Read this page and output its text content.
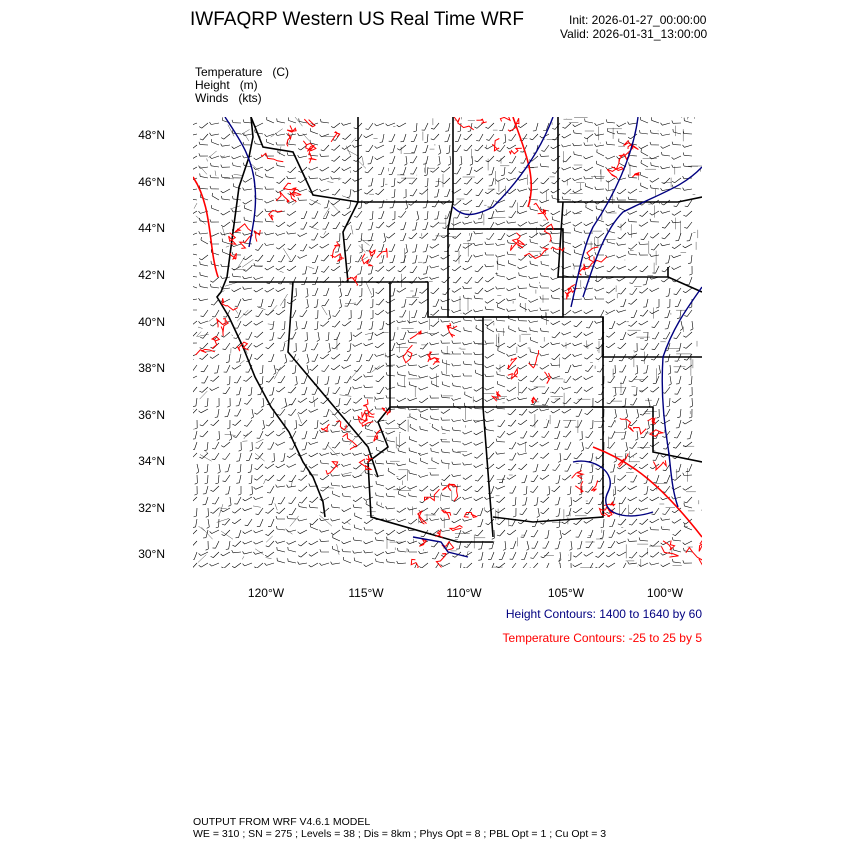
IWFAQRP Western US Real Time WRF	Init: 2026-01-27_00:00:00
Valid: 2026-01-31_13:00:00
Temperature   (C)
Height   (m)
Winds   (kts)
48°N
46°N
44°N
42°N
40°N
38°N
36°N
34°N
32°N
30°N
120°W	115°W	110°W	105°W	100°W
Height Contours: 1400 to 1640 by 60
Temperature Contours: -25 to 25 by 5
OUTPUT FROM WRF V4.6.1 MODEL
WE = 310 ; SN = 275 ; Levels = 38 ; Dis = 8km ; Phys Opt = 8 ; PBL Opt = 1 ; Cu Opt = 3
